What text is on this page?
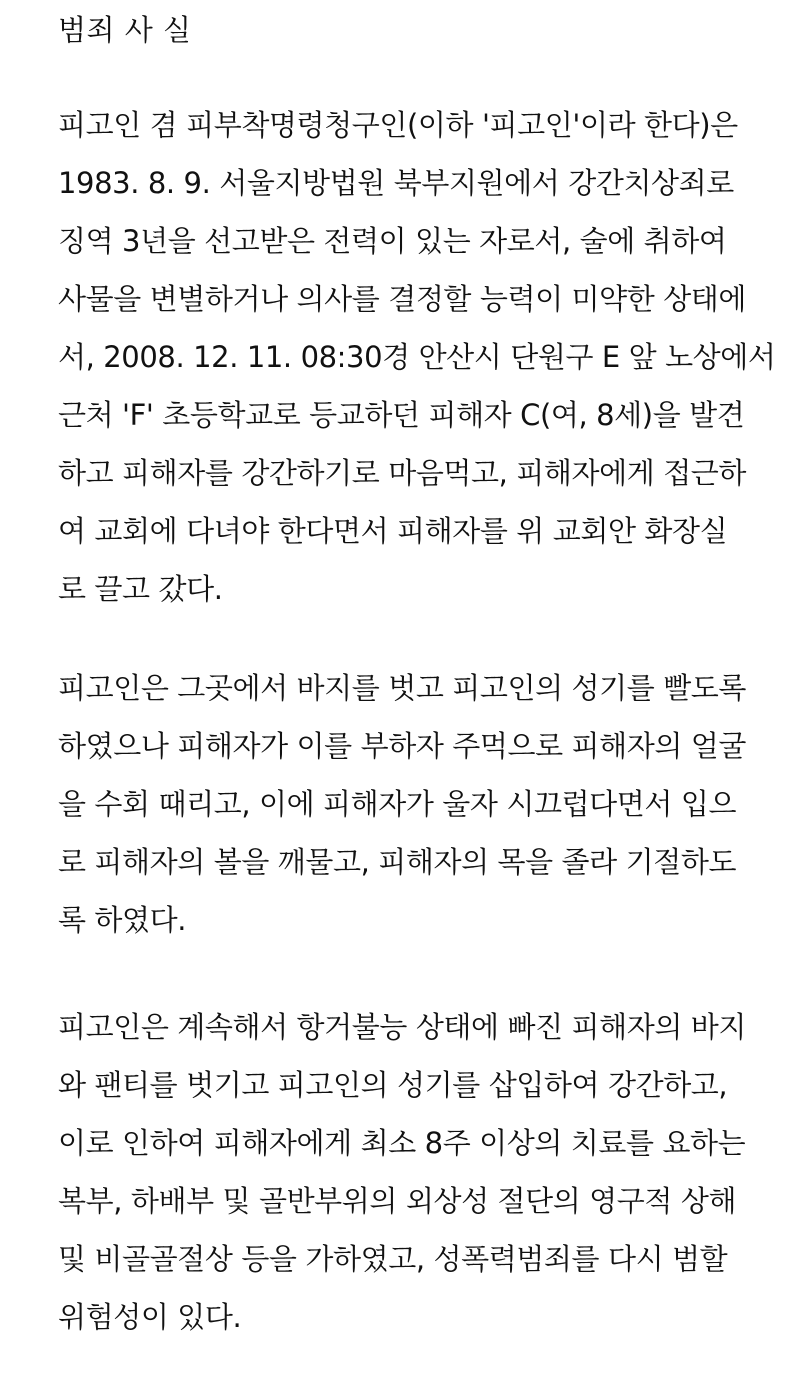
범죄 사 실
피고인 겸 피부착명령청구인(이하 '피고인'이라 한다)은
1983. 8. 9. 서울지방법원 북부지원에서 강간치상죄로
징역 3년을 선고받은 전력이 있는 자로서, 술에 취하여
사물을 변별하거나 의사를 결정할 능력이 미약한 상태에
서, 2008. 12. 11. 08:30경 안산시 단원구 E 앞 노상에서
근처 'F' 초등학교로 등교하던 피해자 C(여, 8세)을 발견
하고 피해자를 강간하기로 마음먹고, 피해자에게 접근하
여 교회에 다녀야 한다면서 피해자를 위 교회안 화장실
로 끌고 갔다.
피고인은 그곳에서 바지를 벗고 피고인의 성기를 빨도록
하였으나 피해자가 이를 부하자 주먹으로 피해자의 얼굴
을 수회 때리고, 이에 피해자가 울자 시끄럽다면서 입으
로 피해자의 볼을 깨물고, 피해자의 목을 졸라 기절하도
록 하였다.
피고인은 계속해서 항거불능 상태에 빠진 피해자의 바지
와 팬티를 벗기고 피고인의 성기를 삽입하여 강간하고,
이로 인하여 피해자에게 최소 8주 이상의 치료를 요하는
복부, 하배부 및 골반부위의 외상성 절단의 영구적 상해
및 비골골절상 등을 가하였고, 성폭력범죄를 다시 범할
위험성이 있다.
